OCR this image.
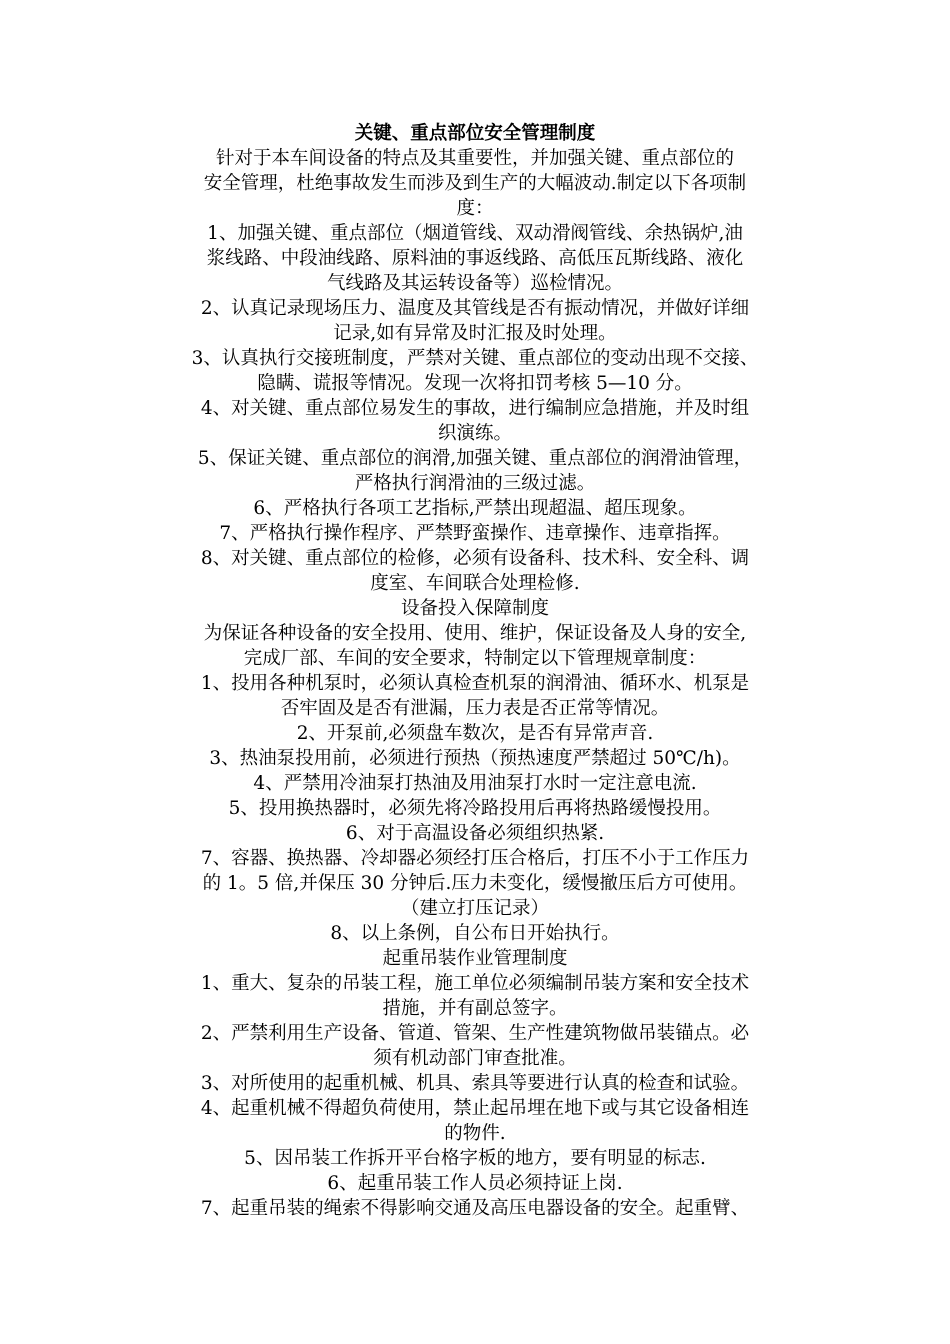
关键、重点部位安全管理制度

针对于本车间设备的特点及其重要性，并加强关键、重点部位的
安全管理，杜绝事故发生而涉及到生产的大幅波动.制定以下各项制
度：

1、加强关键、重点部位（烟道管线、双动滑阀管线、余热锅炉,油
浆线路、中段油线路、原料油的事返线路、高低压瓦斯线路、液化
气线路及其运转设备等）巡检情况。

2、认真记录现场压力、温度及其管线是否有振动情况，并做好详细
记录,如有异常及时汇报及时处理。

3、认真执行交接班制度，严禁对关键、重点部位的变动出现不交接、
隐瞒、谎报等情况。发现一次将扣罚考核 5—10 分。

4、对关键、重点部位易发生的事故，进行编制应急措施，并及时组
织演练。

5、保证关键、重点部位的润滑,加强关键、重点部位的润滑油管理，
严格执行润滑油的三级过滤。

6、严格执行各项工艺指标,严禁出现超温、超压现象。

7、严格执行操作程序、严禁野蛮操作、违章操作、违章指挥。

8、对关键、重点部位的检修，必须有设备科、技术科、安全科、调
度室、车间联合处理检修.

设备投入保障制度

为保证各种设备的安全投用、使用、维护，保证设备及人身的安全,
完成厂部、车间的安全要求，特制定以下管理规章制度：

1、投用各种机泵时，必须认真检查机泵的润滑油、循环水、机泵是
否牢固及是否有泄漏，压力表是否正常等情况。

2、开泵前,必须盘车数次，是否有异常声音.

3、热油泵投用前，必须进行预热（预热速度严禁超过 50℃/h)。

4、严禁用冷油泵打热油及用油泵打水时一定注意电流.

5、投用换热器时，必须先将冷路投用后再将热路缓慢投用。

6、对于高温设备必须组织热紧.

7、容器、换热器、冷却器必须经打压合格后，打压不小于工作压力
的 1。5 倍,并保压 30 分钟后.压力未变化，缓慢撤压后方可使用。
（建立打压记录）

8、以上条例，自公布日开始执行。

起重吊装作业管理制度

1、重大、复杂的吊装工程，施工单位必须编制吊装方案和安全技术
措施，并有副总签字。

2、严禁利用生产设备、管道、管架、生产性建筑物做吊装锚点。必
须有机动部门审查批准。

3、对所使用的起重机械、机具、索具等要进行认真的检查和试验。

4、起重机械不得超负荷使用，禁止起吊埋在地下或与其它设备相连
的物件.

5、因吊装工作拆开平台格字板的地方，要有明显的标志.

6、起重吊装工作人员必须持证上岗.

7、起重吊装的绳索不得影响交通及高压电器设备的安全。起重臂、
